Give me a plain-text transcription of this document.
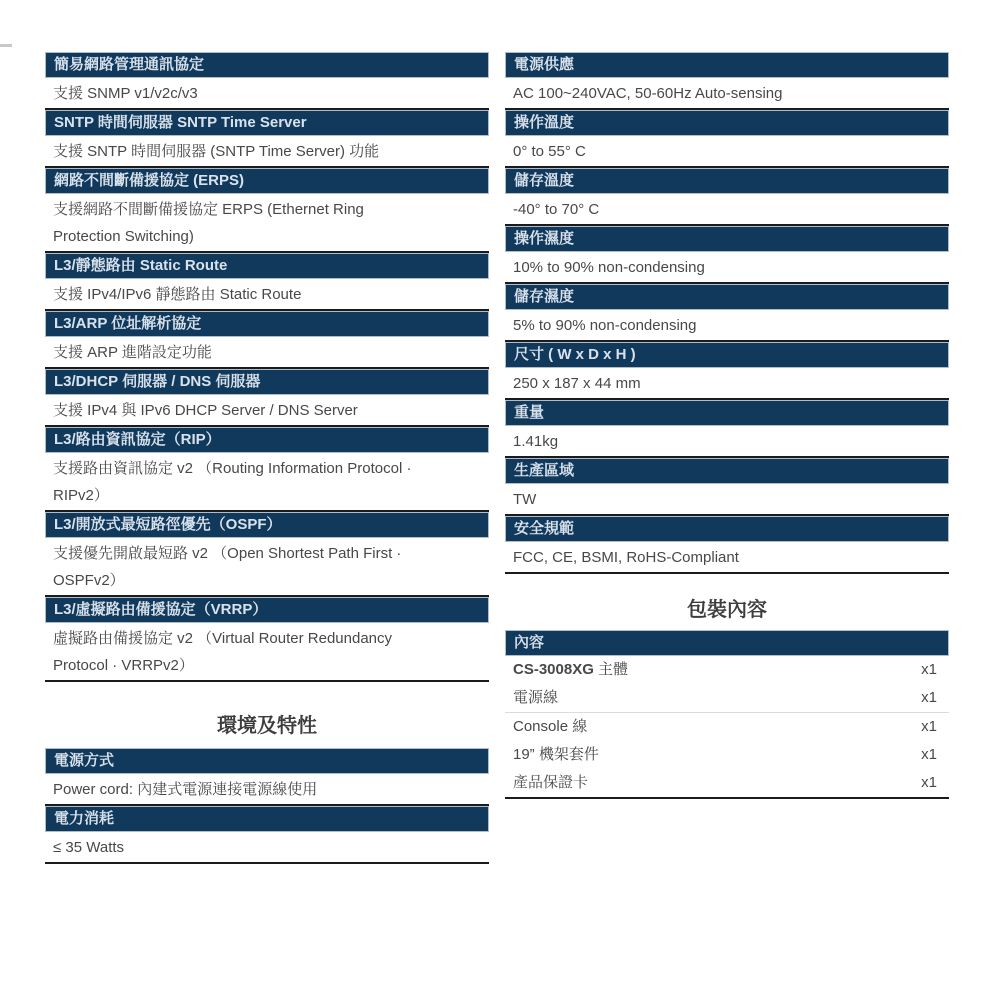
簡易網路管理通訊協定
支援 SNMP v1/v2c/v3
SNTP 時間伺服器 SNTP Time Server
支援 SNTP 時間伺服器 (SNTP Time Server) 功能
網路不間斷備援協定 (ERPS)
支援網路不間斷備援協定 ERPS (Ethernet Ring
Protection Switching)
L3/靜態路由 Static Route
支援 IPv4/IPv6 靜態路由 Static Route
L3/ARP 位址解析協定
支援 ARP 進階設定功能
L3/DHCP 伺服器 / DNS 伺服器
支援 IPv4 與 IPv6 DHCP Server / DNS Server
L3/路由資訊協定（RIP）
支援路由資訊協定 v2 （Routing Information Protocol ·
RIPv2）
L3/開放式最短路徑優先（OSPF）
支援優先開啟最短路 v2 （Open Shortest Path First ·
OSPFv2）
L3/虛擬路由備援協定（VRRP）
虛擬路由備援協定 v2 （Virtual Router Redundancy
Protocol · VRRPv2）
環境及特性
電源方式
Power cord: 內建式電源連接電源線使用
電力消耗
≤ 35 Watts
電源供應
AC 100~240VAC, 50-60Hz Auto-sensing
操作溫度
0° to 55° C
儲存溫度
-40° to 70° C
操作濕度
10% to 90% non-condensing
儲存濕度
5% to 90% non-condensing
尺寸 ( W x D x H )
250 x 187 x 44 mm
重量
1.41kg
生產區域
TW
安全規範
FCC, CE, BSMI, RoHS-Compliant
包裝內容
內容
CS-3008XG 主體	x1
電源線	x1
Console 線	x1
19” 機架套件	x1
產品保證卡	x1
